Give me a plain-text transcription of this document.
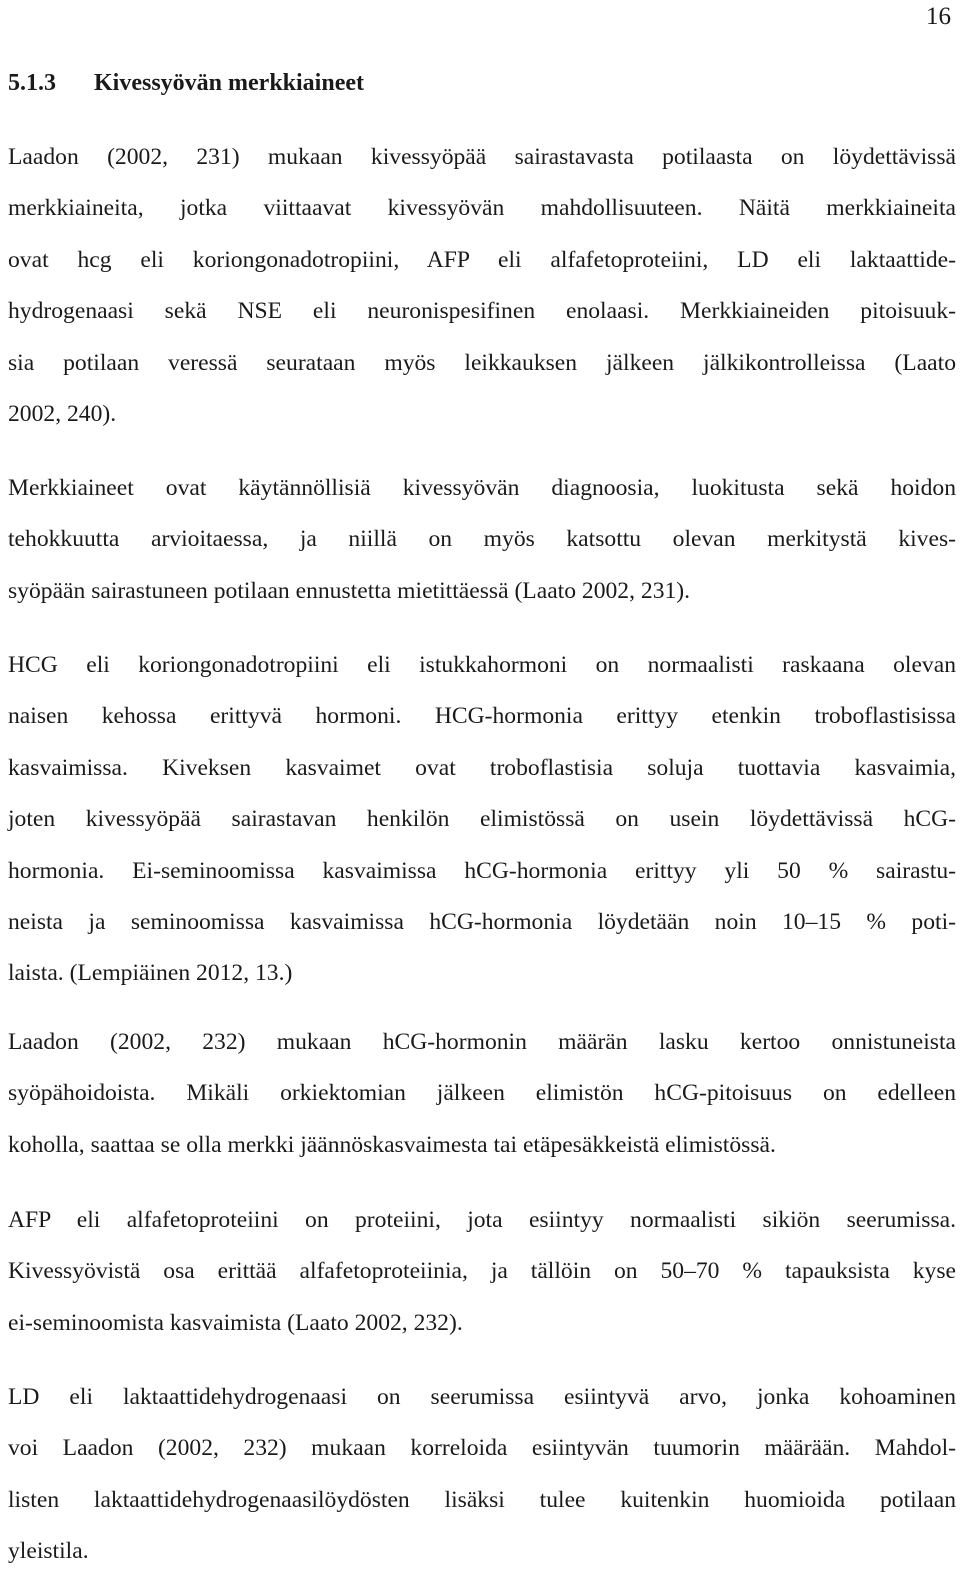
16
5.1.3 Kivessyövän merkkiaineet

Laadon (2002, 231) mukaan kivessyöpää sairastavasta potilaasta on löydettävissä
merkkiaineita, jotka viittaavat kivessyövän mahdollisuuteen. Näitä merkkiaineita
ovat hcg eli koriongonadotropiini, AFP eli alfafetoproteiini, LD eli laktaattide-
hydrogenaasi sekä NSE eli neuronispesifinen enolaasi. Merkkiaineiden pitoisuuk-
sia potilaan veressä seurataan myös leikkauksen jälkeen jälkikontrolleissa (Laato
2002, 240).

Merkkiaineet ovat käytännöllisiä kivessyövän diagnoosia, luokitusta sekä hoidon
tehokkuutta arvioitaessa, ja niillä on myös katsottu olevan merkitystä kives-
syöpään sairastuneen potilaan ennustetta mietittäessä (Laato 2002, 231).

HCG eli koriongonadotropiini eli istukkahormoni on normaalisti raskaana olevan
naisen kehossa erittyvä hormoni. HCG-hormonia erittyy etenkin troboflastisissa
kasvaimissa. Kiveksen kasvaimet ovat troboflastisia soluja tuottavia kasvaimia,
joten kivessyöpää sairastavan henkilön elimistössä on usein löydettävissä hCG-
hormonia. Ei-seminoomissa kasvaimissa hCG-hormonia erittyy yli 50 % sairastu-
neista ja seminoomissa kasvaimissa hCG-hormonia löydetään noin 10–15 % poti-
laista. (Lempiäinen 2012, 13.)

Laadon (2002, 232) mukaan hCG-hormonin määrän lasku kertoo onnistuneista
syöpähoidoista. Mikäli orkiektomian jälkeen elimistön hCG-pitoisuus on edelleen
koholla, saattaa se olla merkki jäännöskasvaimesta tai etäpesäkkeistä elimistössä.

AFP eli alfafetoproteiini on proteiini, jota esiintyy normaalisti sikiön seerumissa.
Kivessyövistä osa erittää alfafetoproteiinia, ja tällöin on 50–70 % tapauksista kyse
ei-seminoomista kasvaimista (Laato 2002, 232).

LD eli laktaattidehydrogenaasi on seerumissa esiintyvä arvo, jonka kohoaminen
voi Laadon (2002, 232) mukaan korreloida esiintyvän tuumorin määrään. Mahdol-
listen laktaattidehydrogenaasilöydösten lisäksi tulee kuitenkin huomioida potilaan
yleistila.
